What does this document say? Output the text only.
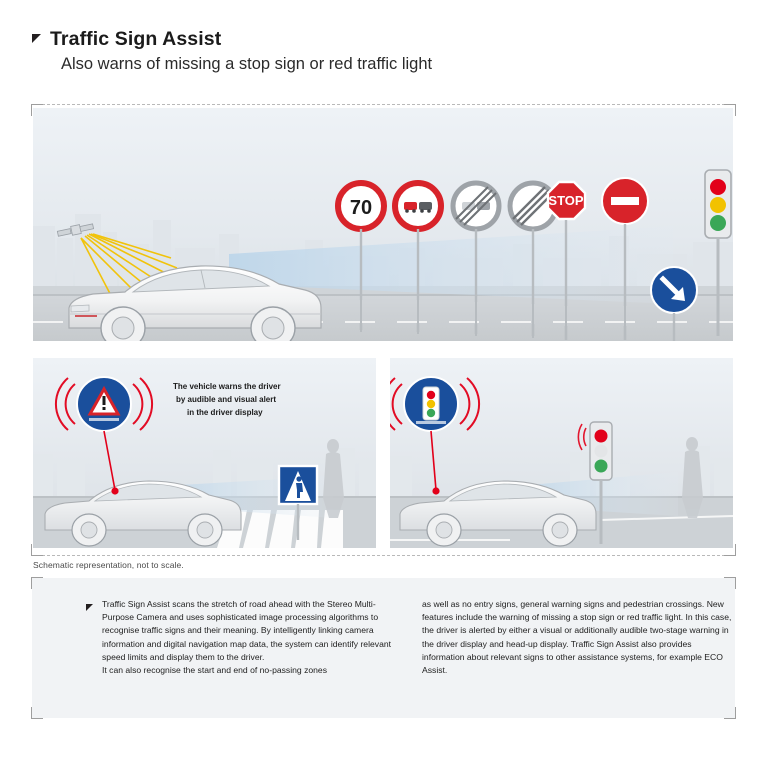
Traffic Sign Assist
Also warns of missing a stop sign or red traffic light
70	STOP
The vehicle warns the driver
by audible and visual alert
in the driver display
Schematic representation, not to scale.

Traffic Sign Assist scans the stretch of road ahead with the Stereo Multi-Purpose Camera and uses sophisticated image processing algorithms to recognise traffic signs and their meaning. By intelligently linking camera information and digital navigation map data, the system can identify relevant speed limits and display them to the driver.

It can also recognise the start and end of no-passing zones

as well as no entry signs, general warning signs and pedestrian crossings. New features include the warning of missing a stop sign or red traffic light. In this case, the driver is alerted by either a visual or additionally audible two-stage warning in the driver display and head-up display. Traffic Sign Assist also provides information about relevant signs to other assistance systems, for example ECO Assist.
